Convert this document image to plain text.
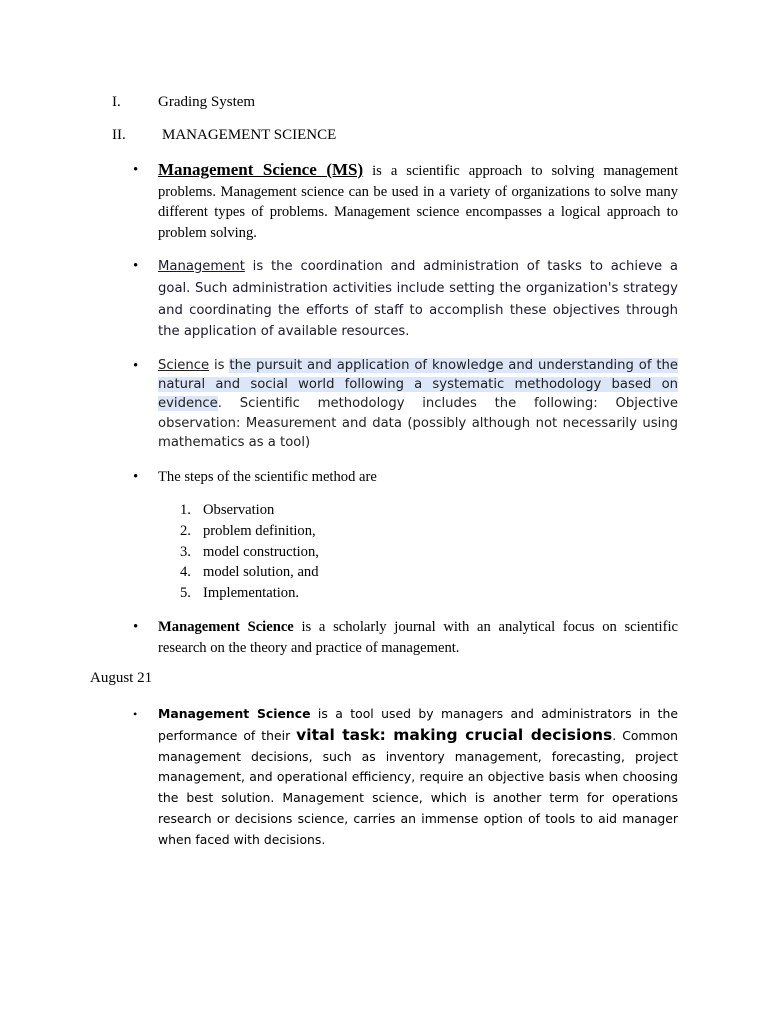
I.	Grading System
II.	MANAGEMENT SCIENCE
• Management Science (MS) is a scientific approach to solving management problems. Management science can be used in a variety of organizations to solve many different types of problems. Management science encompasses a logical approach to problem solving.
• Management is the coordination and administration of tasks to achieve a goal. Such administration activities include setting the organization's strategy and coordinating the efforts of staff to accomplish these objectives through the application of available resources.
• Science is the pursuit and application of knowledge and understanding of the natural and social world following a systematic methodology based on evidence. Scientific methodology includes the following: Objective observation: Measurement and data (possibly although not necessarily using mathematics as a tool)
• The steps of the scientific method are
1. Observation
2. problem definition,
3. model construction,
4. model solution, and
5. Implementation.
• Management Science is a scholarly journal with an analytical focus on scientific research on the theory and practice of management.
August 21
• Management Science is a tool used by managers and administrators in the performance of their vital task: making crucial decisions. Common management decisions, such as inventory management, forecasting, project management, and operational efficiency, require an objective basis when choosing the best solution. Management science, which is another term for operations research or decisions science, carries an immense option of tools to aid manager when faced with decisions.
